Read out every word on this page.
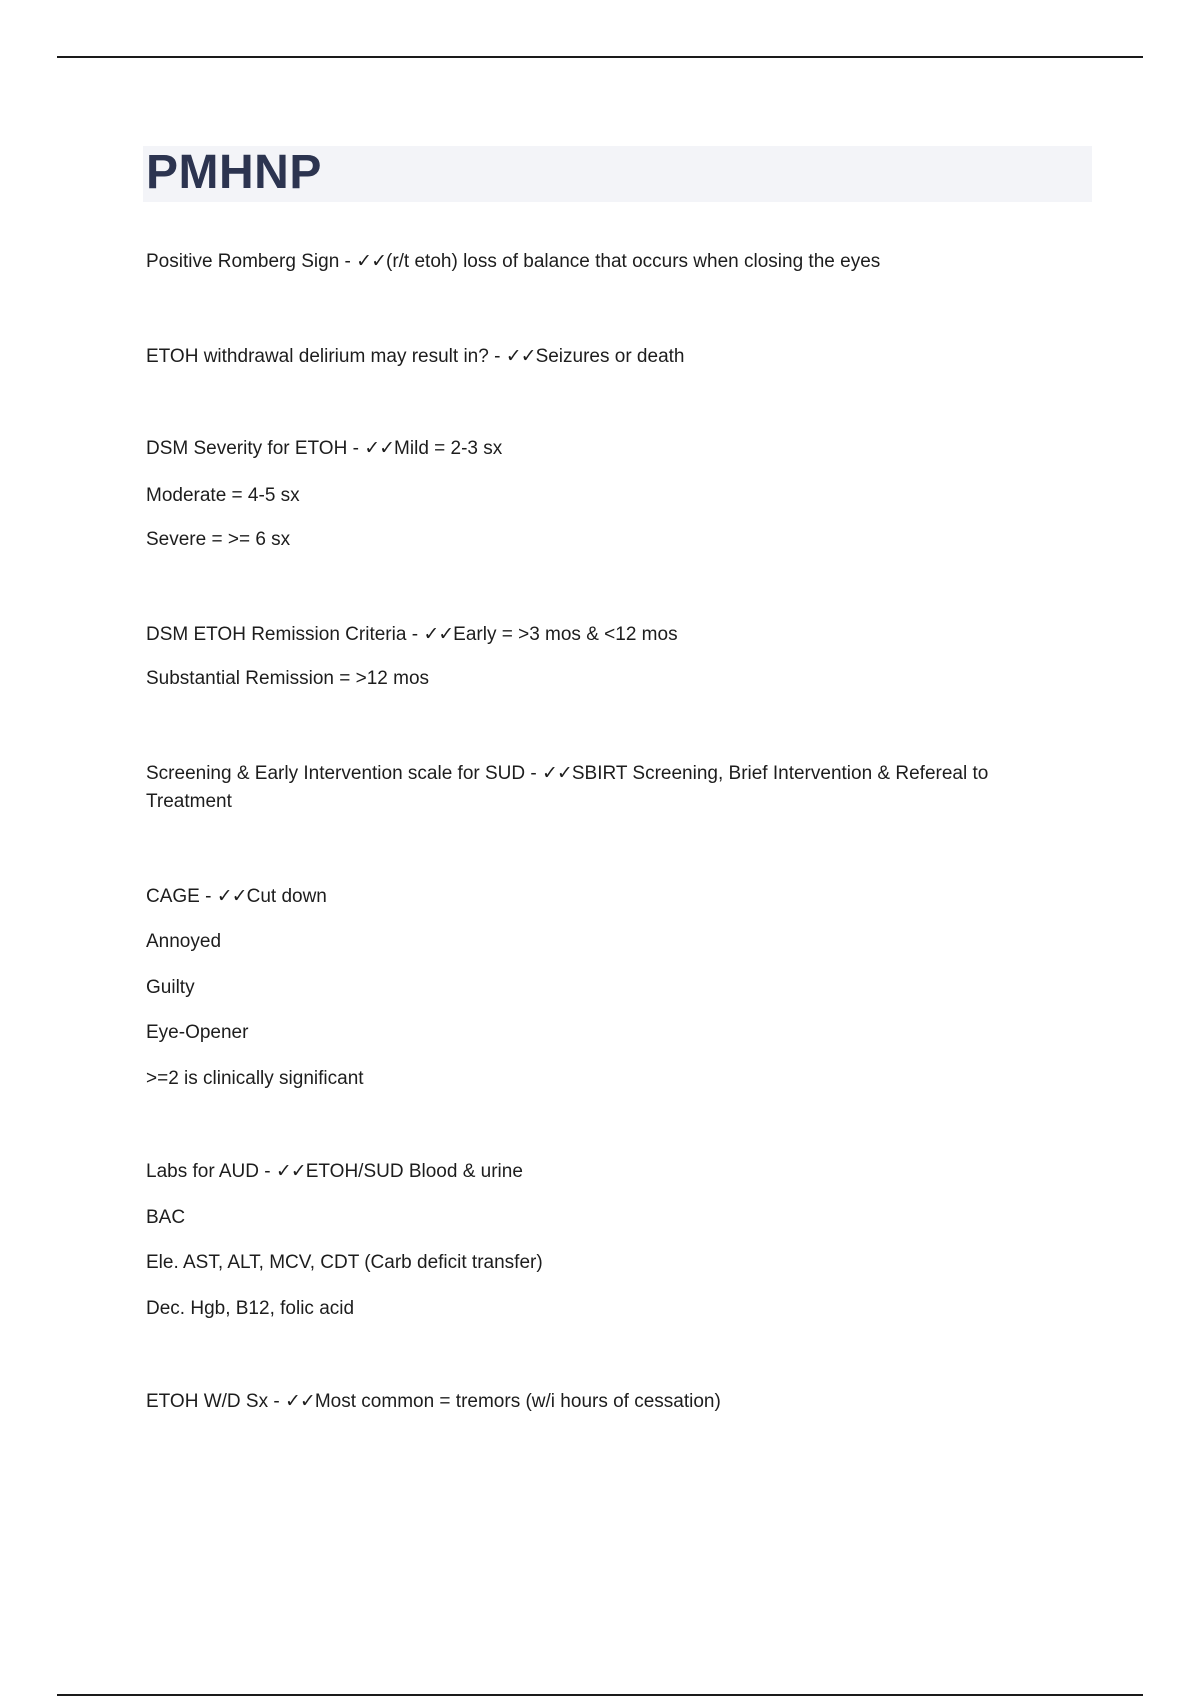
PMHNP
Positive Romberg Sign - ✓✓(r/t etoh) loss of balance that occurs when closing the eyes
ETOH withdrawal delirium may result in? - ✓✓Seizures or death
DSM Severity for ETOH - ✓✓Mild = 2-3 sx
Moderate = 4-5 sx
Severe = >= 6 sx
DSM ETOH Remission Criteria - ✓✓Early = >3 mos & <12 mos
Substantial Remission = >12 mos
Screening & Early Intervention scale for SUD - ✓✓SBIRT Screening, Brief Intervention & Refereal to
Treatment
CAGE - ✓✓Cut down
Annoyed
Guilty
Eye-Opener
>=2 is clinically significant
Labs for AUD - ✓✓ETOH/SUD Blood & urine
BAC
Ele. AST, ALT, MCV, CDT (Carb deficit transfer)
Dec. Hgb, B12, folic acid
ETOH W/D Sx - ✓✓Most common = tremors (w/i hours of cessation)
